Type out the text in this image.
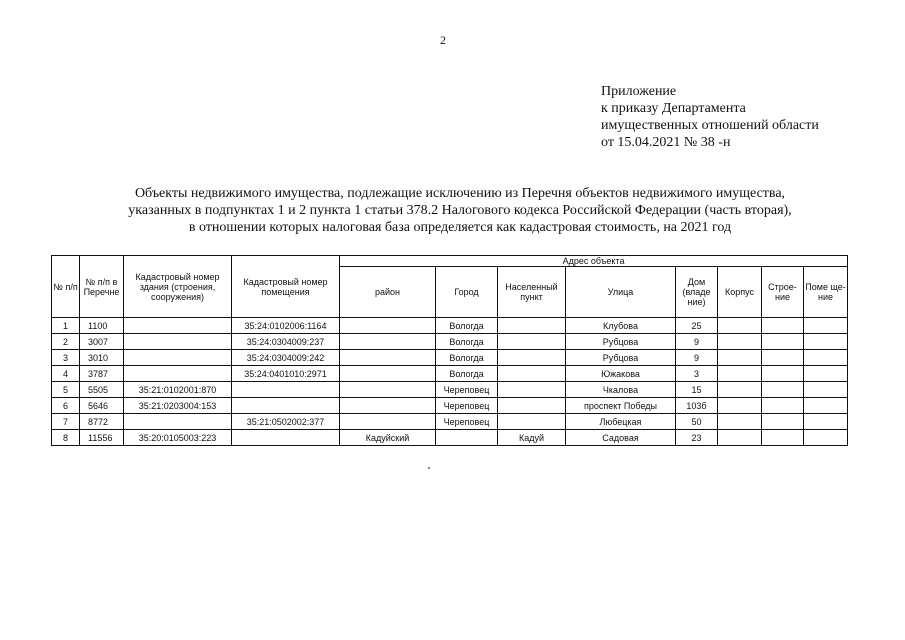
2
Приложение
к приказу Департамента
имущественных отношений области
от 15.04.2021 № 38 -н
Объекты недвижимого имущества, подлежащие исключению из Перечня объектов недвижимого имущества,
указанных в подпунктах 1 и 2 пункта 1 статьи 378.2 Налогового кодекса Российской Федерации (часть вторая),
в отношении которых налоговая база определяется как кадастровая стоимость, на 2021 год
№ п/п	№ п/п в Перечне	Кадастровый номер здания (строения, сооружения)	Кадастровый номер помещения	Адрес объекта							
				район	Город	Населенный пункт	Улица	Дом (владе ние)	Корпус	Строе- ние	Поме ще- ние
1	1100		35:24:0102006:1164		Вологда		Клубова	25			
2	3007		35:24:0304009:237		Вологда		Рубцова	9			
3	3010		35:24:0304009:242		Вологда		Рубцова	9			
4	3787		35:24:0401010:2971		Вологда		Южакова	3			
5	5505	35:21:0102001:870			Череповец		Чкалова	15			
6	5646	35:21:0203004:153			Череповец		проспект Победы	103б			
7	8772		35:21:0502002:377		Череповец		Любецкая	50			
8	11556	35:20:0105003:223		Кадуйский		Кадуй	Садовая	23			
